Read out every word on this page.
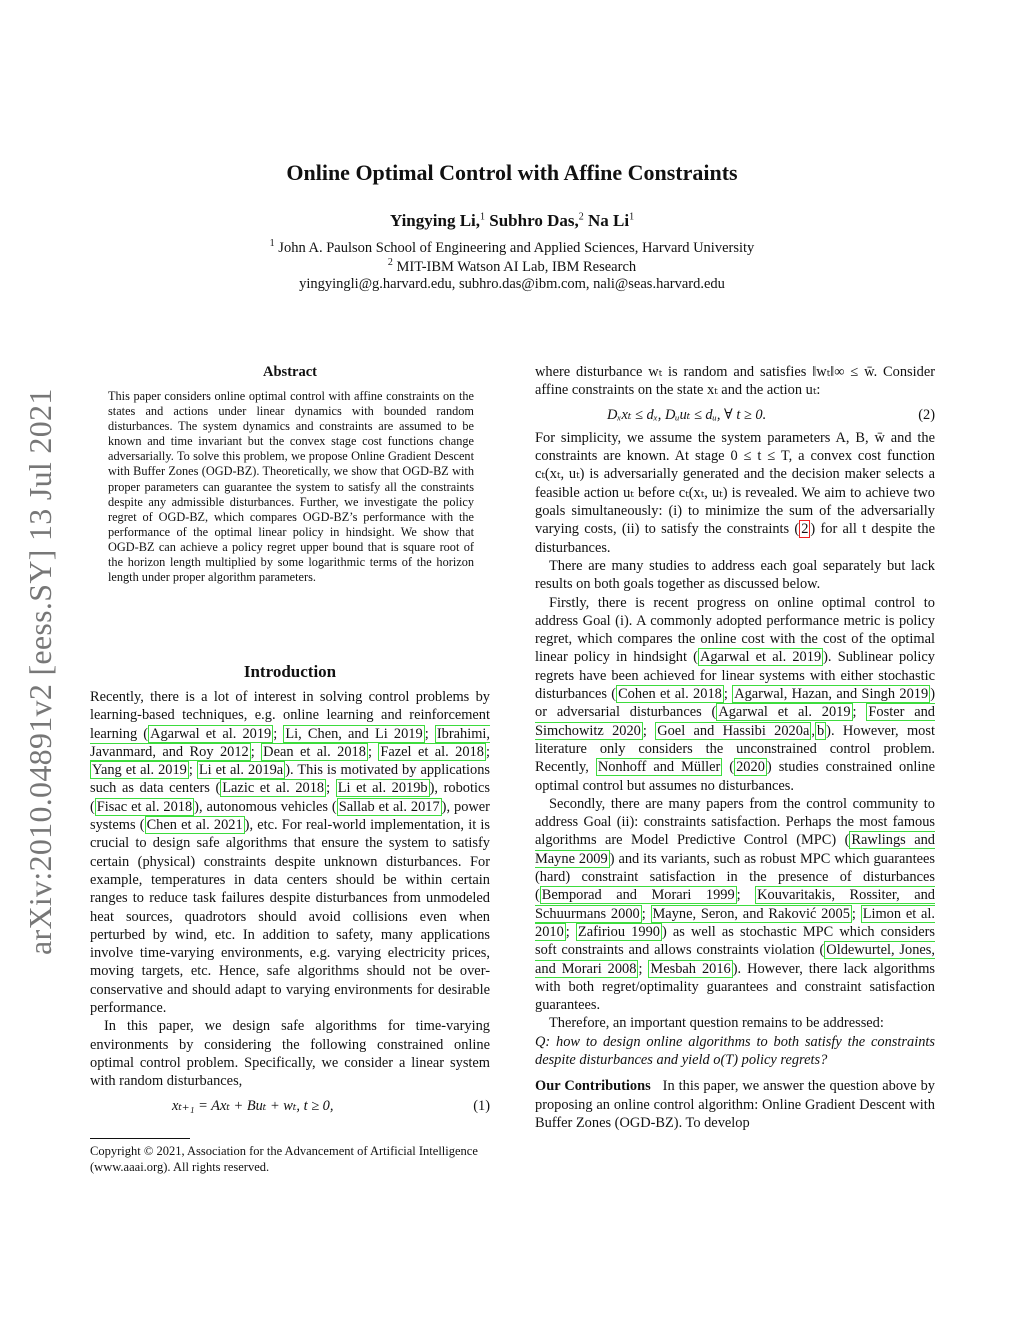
Online Optimal Control with Affine Constraints
Yingying Li,$^1$ Subhro Das,$^2$ Na Li$^1$
$^1$ John A. Paulson School of Engineering and Applied Sciences, Harvard University
$^2$ MIT-IBM Watson AI Lab, IBM Research
yingyingli@g.harvard.edu, subhro.das@ibm.com, nali@seas.harvard.edu
arXiv:2010.04891v2 [eess.SY] 13 Jul 2021
Abstract
This paper considers online optimal control with affine constraints on the states and actions under linear dynamics with bounded random disturbances. The system dynamics and constraints are assumed to be known and time invariant but the convex stage cost functions change adversarially. To solve this problem, we propose Online Gradient Descent with Buffer Zones (OGD-BZ). Theoretically, we show that OGD-BZ with proper parameters can guarantee the system to satisfy all the constraints despite any admissible disturbances. Further, we investigate the policy regret of OGD-BZ, which compares OGD-BZ’s performance with the performance of the optimal linear policy in hindsight. We show that OGD-BZ can achieve a policy regret upper bound that is square root of the horizon length multiplied by some logarithmic terms of the horizon length under proper algorithm parameters.
Introduction

Recently, there is a lot of interest in solving control problems by learning-based techniques, e.g. online learning and reinforcement learning ( Agarwal et al. 2019 ; Li, Chen, and Li 2019 ; Ibrahimi, Javanmard, and Roy 2012 ; Dean et al. 2018 ; Fazel et al. 2018 ; Yang et al. 2019 ; Li et al. 2019a ). This is motivated by applications such as data centers ( Lazic et al. 2018 ; Li et al. 2019b ), robotics ( Fisac et al. 2018 ), autonomous vehicles ( Sallab et al. 2017 ), power systems ( Chen et al. 2021 ), etc. For real-world implementation, it is crucial to design safe algorithms that ensure the system to satisfy certain (physical) constraints despite unknown disturbances. For example, temperatures in data centers should be within certain ranges to reduce task failures despite disturbances from unmodeled heat sources, quadrotors should avoid collisions even when perturbed by wind, etc. In addition to safety, many applications involve time-varying environments, e.g. varying electricity prices, moving targets, etc. Hence, safe algorithms should not be over-conservative and should adapt to varying environments for desirable performance.

In this paper, we design safe algorithms for time-varying environments by considering the following constrained online optimal control problem. Specifically, we consider a linear system with random disturbances,

xₜ₊₁ = Axₜ + Buₜ + wₜ, t ≥ 0,	(1)
Copyright © 2021, Association for the Advancement of Artificial Intelligence (www.aaai.org). All rights reserved.

where disturbance wₜ is random and satisfies ‖wₜ‖∞ ≤ w̄. Consider affine constraints on the state xₜ and the action uₜ:

Dₓxₜ ≤ dₓ, Dᵤuₜ ≤ dᵤ, ∀ t ≥ 0.	(2)

For simplicity, we assume the system parameters A, B, w̄ and the constraints are known. At stage 0 ≤ t ≤ T, a convex cost function cₜ(xₜ, uₜ) is adversarially generated and the decision maker selects a feasible action uₜ before cₜ(xₜ, uₜ) is revealed. We aim to achieve two goals simultaneously: (i) to minimize the sum of the adversarially varying costs, (ii) to satisfy the constraints ( 2 ) for all t despite the disturbances.

There are many studies to address each goal separately but lack results on both goals together as discussed below.

Firstly, there is recent progress on online optimal control to address Goal (i). A commonly adopted performance metric is policy regret, which compares the online cost with the cost of the optimal linear policy in hindsight ( Agarwal et al. 2019 ). Sublinear policy regrets have been achieved for linear systems with either stochastic disturbances ( Cohen et al. 2018 ; Agarwal, Hazan, and Singh 2019 ) or adversarial disturbances ( Agarwal et al. 2019 ; Foster and Simchowitz 2020 ; Goel and Hassibi 2020a , b ). However, most literature only considers the unconstrained control problem. Recently, Nonhoff and Müller ( 2020 ) studies constrained online optimal control but assumes no disturbances.

Secondly, there are many papers from the control community to address Goal (ii): constraints satisfaction. Perhaps the most famous algorithms are Model Predictive Control (MPC) ( Rawlings and Mayne 2009 ) and its variants, such as robust MPC which guarantees (hard) constraint satisfaction in the presence of disturbances ( Bemporad and Morari 1999 ; Kouvaritakis, Rossiter, and Schuurmans 2000 ; Mayne, Seron, and Raković 2005 ; Limon et al. 2010 ; Zafiriou 1990 ) as well as stochastic MPC which considers soft constraints and allows constraints violation ( Oldewurtel, Jones, and Morari 2008 ; Mesbah 2016 ). However, there lack algorithms with both regret/optimality guarantees and constraint satisfaction guarantees.

Therefore, an important question remains to be addressed:

Q: how to design online algorithms to both satisfy the constraints despite disturbances and yield o(T) policy regrets?

Our Contributions In this paper, we answer the question above by proposing an online control algorithm: Online Gradient Descent with Buffer Zones (OGD-BZ). To develop
